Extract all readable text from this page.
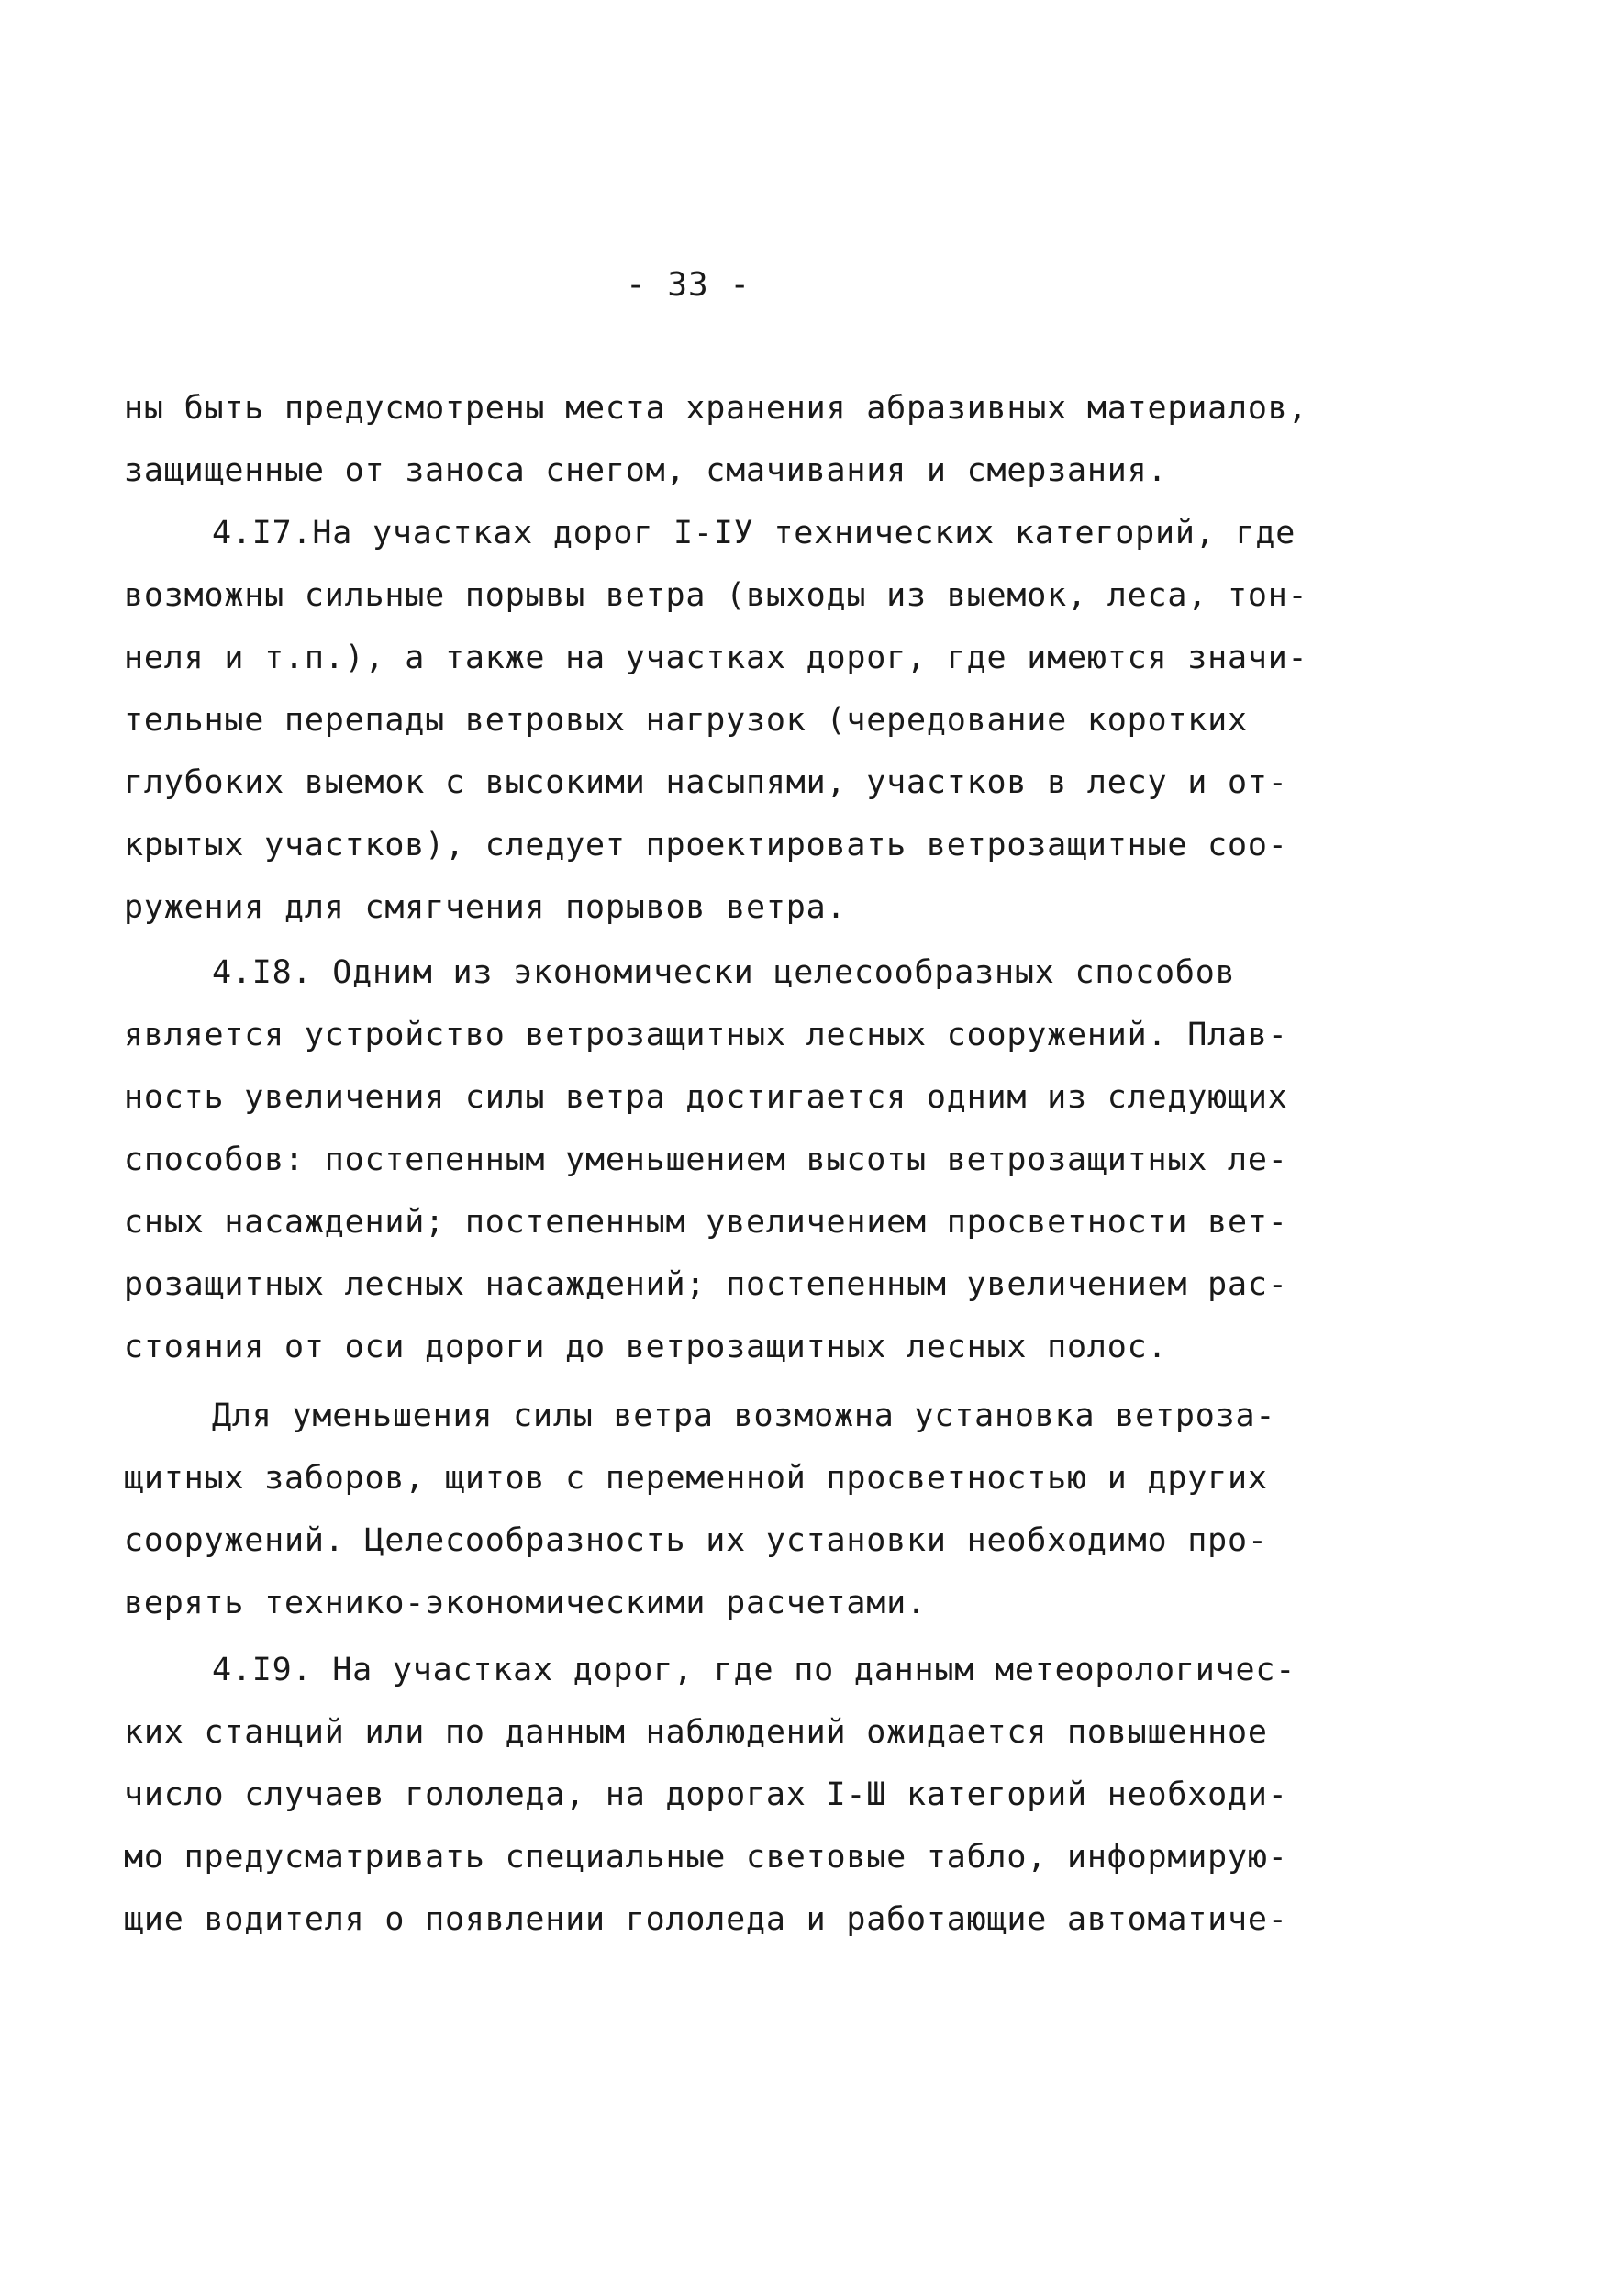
- 33 -
ны быть предусмотрены места хранения абразивных материалов,
защищенные от заноса снегом, смачивания и смерзания.
4.I7.На участках дорог I-IУ технических категорий, где
возможны сильные порывы ветра (выходы из выемок, леса, тон-
неля и т.п.), а также на участках дорог, где имеются значи-
тельные перепады ветровых нагрузок (чередование коротких
глубоких выемок с высокими насыпями, участков в лесу и от-
крытых участков), следует проектировать ветрозащитные соо-
ружения для смягчения порывов ветра.
4.I8. Одним из экономически целесообразных способов
является устройство ветрозащитных лесных сооружений. Плав-
ность увеличения силы ветра достигается одним из следующих
способов: постепенным уменьшением высоты ветрозащитных ле-
сных насаждений; постепенным увеличением просветности вет-
розащитных лесных насаждений; постепенным увеличением рас-
стояния от оси дороги до ветрозащитных лесных полос.
Для уменьшения силы ветра возможна установка ветроза-
щитных заборов, щитов с переменной просветностью и других
сооружений. Целесообразность их установки необходимо про-
верять технико-экономическими расчетами.
4.I9. На участках дорог, где по данным метеорологичес-
ких станций или по данным наблюдений ожидается повышенное
число случаев гололеда, на дорогах I-Ш категорий необходи-
мо предусматривать специальные световые табло, информирую-
щие водителя о появлении гололеда и работающие автоматиче-
